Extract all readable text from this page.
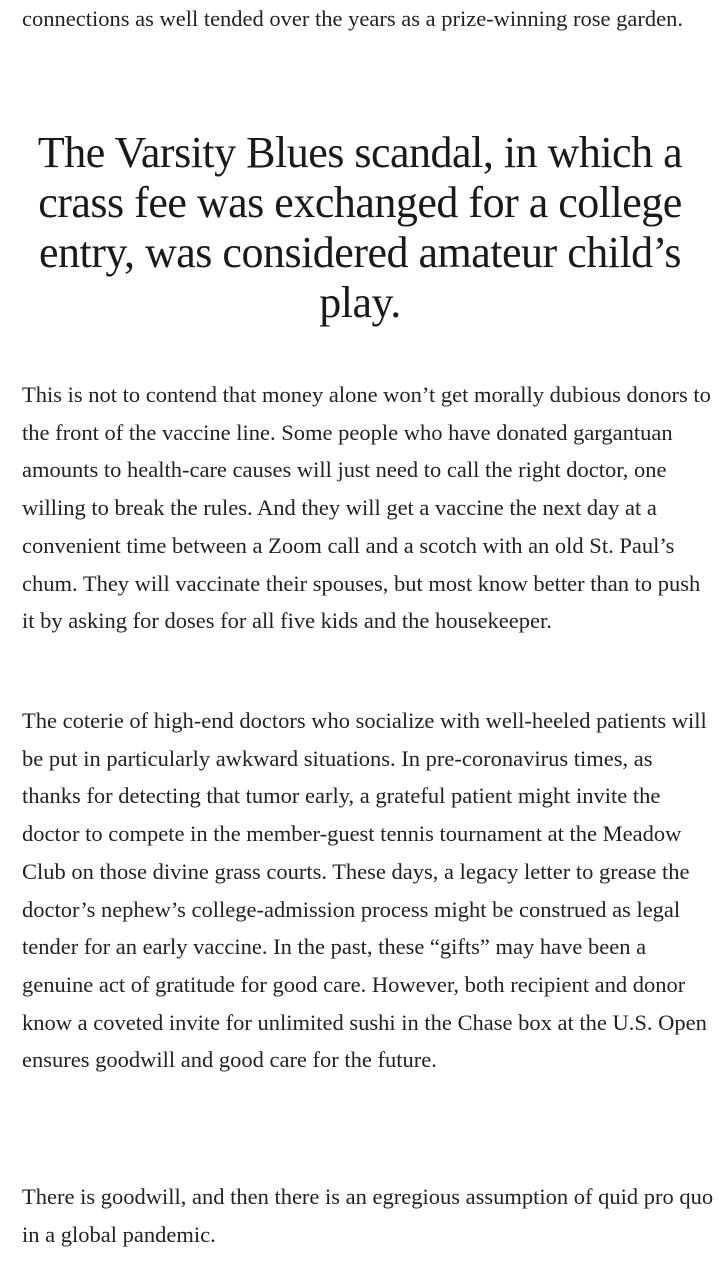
connections as well tended over the years as a prize-winning rose garden.

The Varsity Blues scandal, in which a crass fee was exchanged for a college entry, was considered amateur child’s play.

This is not to contend that money alone won’t get morally dubious donors to the front of the vaccine line. Some people who have donated gargantuan amounts to health-care causes will just need to call the right doctor, one willing to break the rules. And they will get a vaccine the next day at a convenient time between a Zoom call and a scotch with an old St. Paul’s chum. They will vaccinate their spouses, but most know better than to push it by asking for doses for all five kids and the housekeeper.

The coterie of high-end doctors who socialize with well-heeled patients will be put in particularly awkward situations. In pre-coronavirus times, as thanks for detecting that tumor early, a grateful patient might invite the doctor to compete in the member-guest tennis tournament at the Meadow Club on those divine grass courts. These days, a legacy letter to grease the doctor’s nephew’s college-admission process might be construed as legal tender for an early vaccine. In the past, these “gifts” may have been a genuine act of gratitude for good care. However, both recipient and donor know a coveted invite for unlimited sushi in the Chase box at the U.S. Open ensures goodwill and good care for the future.

There is goodwill, and then there is an egregious assumption of quid pro quo in a global pandemic.
